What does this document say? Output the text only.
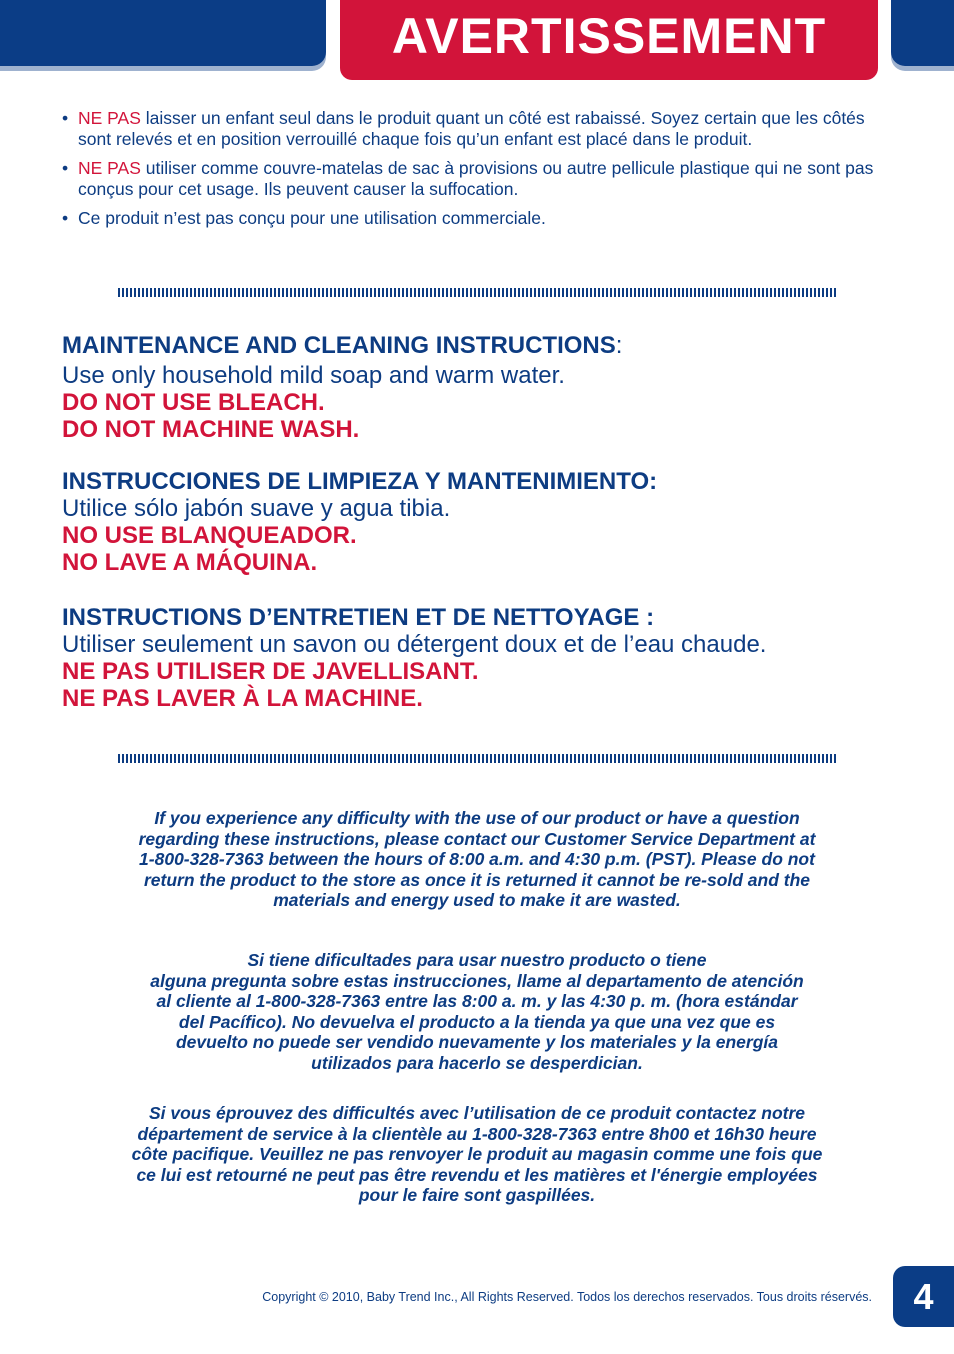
AVERTISSEMENT
• NE PAS laisser un enfant seul dans le produit quant un côté est rabaissé. Soyez certain que les côtés sont relevés et en position verrouillé chaque fois qu’un enfant est placé dans le produit.
• NE PAS utiliser comme couvre-matelas de sac à provisions ou autre pellicule plastique qui ne sont pas conçus pour cet usage. Ils peuvent causer la suffocation.
• Ce produit n’est pas conçu pour une utilisation commerciale.
MAINTENANCE AND CLEANING INSTRUCTIONS:
Use only household mild soap and warm water.
DO NOT USE BLEACH.
DO NOT MACHINE WASH.
INSTRUCCIONES DE LIMPIEZA Y MANTENIMIENTO:
Utilice sólo jabón suave y agua tibia.
NO USE BLANQUEADOR.
NO LAVE A MÁQUINA.
INSTRUCTIONS D’ENTRETIEN ET DE NETTOYAGE :
Utiliser seulement un savon ou détergent doux et de l’eau chaude.
NE PAS UTILISER DE JAVELLISANT.
NE PAS LAVER À LA MACHINE.
If you experience any difficulty with the use of our product or have a question
regarding these instructions, please contact our Customer Service Department at
1-800-328-7363 between the hours of 8:00 a.m. and 4:30 p.m. (PST). Please do not
return the product to the store as once it is returned it cannot be re-sold and the
materials and energy used to make it are wasted.
Si tiene dificultades para usar nuestro producto o tiene
alguna pregunta sobre estas instrucciones, llame al departamento de atención
al cliente al 1-800-328-7363 entre las 8:00 a. m. y las 4:30 p. m. (hora estándar
del Pacífico). No devuelva el producto a la tienda ya que una vez que es
devuelto no puede ser vendido nuevamente y los materiales y la energía
utilizados para hacerlo se desperdician.
Si vous éprouvez des difficultés avec l’utilisation de ce produit contactez notre
département de service à la clientèle au 1-800-328-7363 entre 8h00 et 16h30 heure
côte pacifique. Veuillez ne pas renvoyer le produit au magasin comme une fois que
ce lui est retourné ne peut pas être revendu et les matières et l'énergie employées
pour le faire sont gaspillées.
Copyright © 2010, Baby Trend Inc., All Rights Reserved. Todos los derechos reservados. Tous droits réservés. 4
